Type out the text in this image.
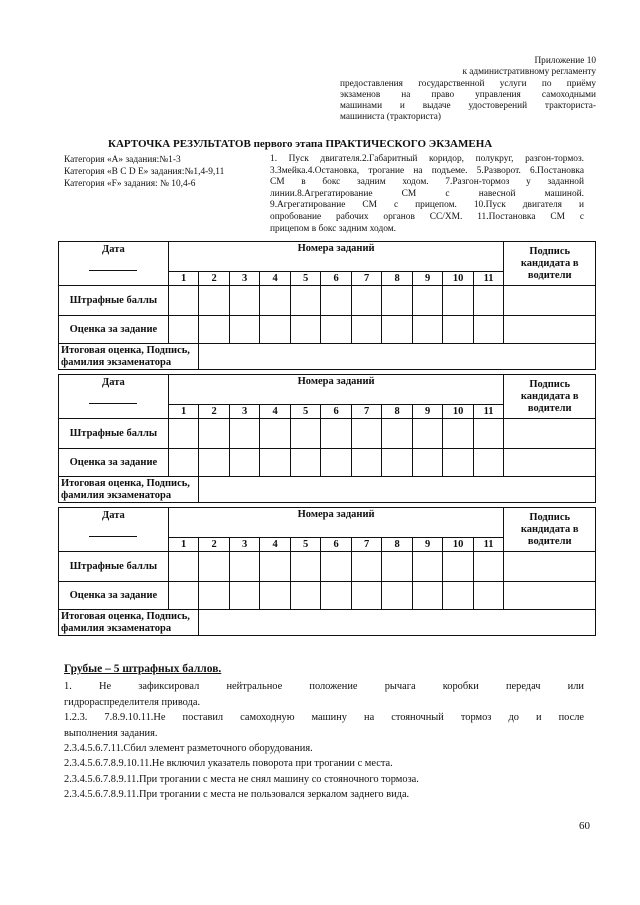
Приложение 10
к административному регламенту
предоставления государственной услуги по приёму
экзаменов на право управления самоходными
машинами и выдаче удостоверений тракториста-
машиниста (тракториста)
КАРТОЧКА РЕЗУЛЬТАТОВ первого этапа ПРАКТИЧЕСКОГО ЭКЗАМЕНА
Категория «А» задания:№1-3
Категория «B C D E» задания:№1,4-9,11
Категория «F» задания: № 10,4-6
1. Пуск двигателя.2.Габаритный коридор, полукруг, разгон-тормоз.
3.Змейка.4.Остановка, трогание на подъеме. 5.Разворот. 6.Постановка
СМ в бокс задним ходом. 7.Разгон-тормоз у заданной
линии.8.Агрегатирование СМ с навесной машиной.
9.Агрегатирование СМ с прицепом. 10.Пуск двигателя и
опробование рабочих органов СС/ХМ. 11.Постановка СМ с
прицепом в бокс задним ходом.
Дата	Номера заданий											Подпись кандидата в водители
	1	2	3	4	5	6	7	8	9	10	11	
Штрафные баллы												
Оценка за задание												
Итоговая оценка, Подпись, фамилия экзаменатора												
Дата	Номера заданий											Подпись кандидата в водители
	1	2	3	4	5	6	7	8	9	10	11	
Штрафные баллы												
Оценка за задание												
Итоговая оценка, Подпись, фамилия экзаменатора												
Дата	Номера заданий											Подпись кандидата в водители
	1	2	3	4	5	6	7	8	9	10	11	
Штрафные баллы												
Оценка за задание												
Итоговая оценка, Подпись, фамилия экзаменатора												

Грубые – 5 штрафных баллов.

1. Не зафиксировал нейтральное положение рычага коробки передач или

гидрораспределителя привода.

1.2.3. 7.8.9.10.11.Не поставил самоходную машину на стояночный тормоз до и после

выполнения задания.

2.3.4.5.6.7.11.Сбил элемент разметочного оборудования.

2.3.4.5.6.7.8.9.10.11.Не включил указатель поворота при трогании с места.

2.3.4.5.6.7.8.9.11.При трогании с места не снял машину со стояночного тормоза.

2.3.4.5.6.7.8.9.11.При трогании с места не пользовался зеркалом заднего вида.

60
